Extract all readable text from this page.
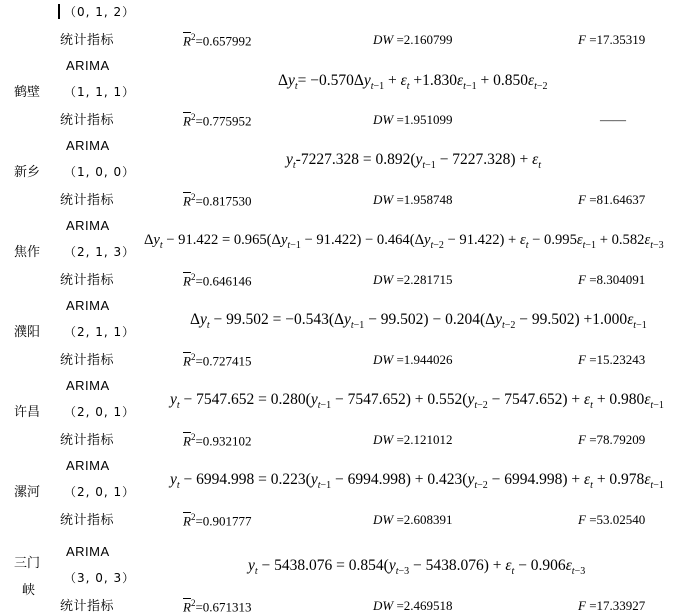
（0, 1, 2）
统计指标	$\overline{R}^2=0.657992$	DW =2.160799	F =17.35319
ARIMA
鹤壁 （1, 1, 1）
$\Delta y_t= -0.570\Delta y_{t-1} + \varepsilon_t +1.830\varepsilon_{t-1} + 0.850\varepsilon_{t-2}$
统计指标	$\overline{R}^2=0.775952$	DW =1.951099	——
ARIMA
新乡 （1, 0, 0）
$y_t-7227.328 = 0.892(y_{t-1} - 7227.328) + \varepsilon_t$
统计指标	$\overline{R}^2=0.817530$	DW =1.958748	F =81.64637
ARIMA
焦作 （2, 1, 3）
$\Delta y_t - 91.422 = 0.965(\Delta y_{t-1} - 91.422) - 0.464(\Delta y_{t-2} - 91.422) + \varepsilon_t - 0.995\varepsilon_{t-1} + 0.582\varepsilon_{t-3}$
统计指标	$\overline{R}^2=0.646146$	DW =2.281715	F =8.304091
ARIMA
濮阳 （2, 1, 1）
$\Delta y_t - 99.502 = -0.543(\Delta y_{t-1} - 99.502) - 0.204(\Delta y_{t-2} - 99.502) +1.000\varepsilon_{t-1}$
统计指标	$\overline{R}^2=0.727415$	DW =1.944026	F =15.23243
ARIMA
许昌 （2, 0, 1）
$y_t - 7547.652 = 0.280(y_{t-1} - 7547.652) + 0.552(y_{t-2} - 7547.652) + \varepsilon_t + 0.980\varepsilon_{t-1}$
统计指标	$\overline{R}^2=0.932102$	DW =2.121012	F =78.79209
ARIMA
漯河 （2, 0, 1）
$y_t - 6994.998 = 0.223(y_{t-1} - 6994.998) + 0.423(y_{t-2} - 6994.998) + \varepsilon_t + 0.978\varepsilon_{t-1}$
统计指标	$\overline{R}^2=0.901777$	DW =2.608391	F =53.02540
ARIMA
三门
峡
（3, 0, 3）
$y_t - 5438.076 = 0.854(y_{t-3} - 5438.076) + \varepsilon_t - 0.906\varepsilon_{t-3}$
统计指标	$\overline{R}^2=0.671313$	DW =2.469518	F =17.33927
